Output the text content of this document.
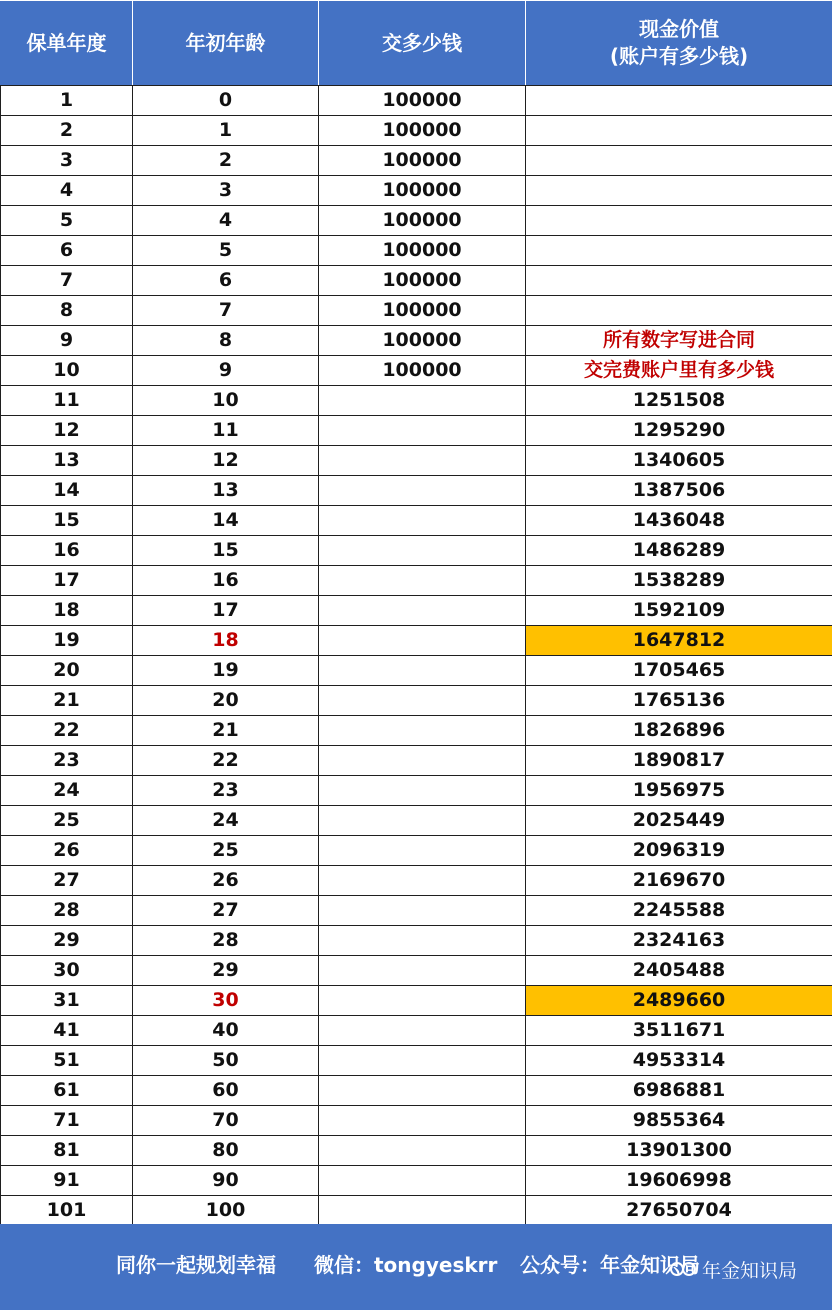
保单年度	年初年龄	交多少钱	现金价值
(账户有多少钱)

1	0	100000	
2	1	100000	
3	2	100000	
4	3	100000	
5	4	100000	
6	5	100000	
7	6	100000	
8	7	100000	
9	8	100000	所有数字写进合同
10	9	100000	交完费账户里有多少钱
11	10		1251508
12	11		1295290
13	12		1340605
14	13		1387506
15	14		1436048
16	15		1486289
17	16		1538289
18	17		1592109
19	18		1647812
20	19		1705465
21	20		1765136
22	21		1826896
23	22		1890817
24	23		1956975
25	24		2025449
26	25		2096319
27	26		2169670
28	27		2245588
29	28		2324163
30	29		2405488
31	30		2489660
41	40		3511671
51	50		4953314
61	60		6986881
71	70		9855364
81	80		13901300
91	90		19606998
101	100		27650704
同你一起规划幸福 微信：tongyeskrr 公众号：年金知识局 年金知识局
